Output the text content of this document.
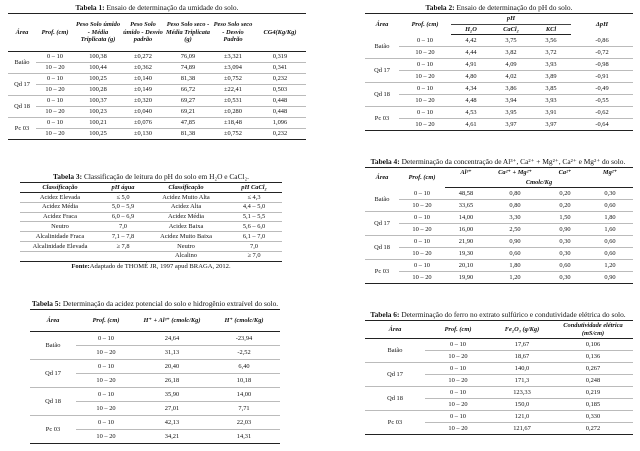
Tabela 1: Ensaio de determinação da umidade do solo.
Área	Prof. (cm)	Peso Solo úmido - Média Triplicata (g)	Peso Solo úmido - Desvio padrão	Peso Solo seco - Média Triplicata (g)	Peso Solo seco - Desvio Padrão	CG4(Kg/Kg)
Baião	0 – 10	100,38	±0,272	76,09	±3,321	0,319
	10 – 20	100,44	±0,362	74,89	±3,094	0,341
Qd 17	0 – 10	100,25	±0,140	81,38	±0,752	0,232
	10 – 20	100,28	±0,149	66,72	±22,41	0,503
Qd 18	0 – 10	100,37	±0,320	69,27	±0,531	0,448
	10 – 20	100,23	±0,040	69,21	±0,280	0,448
Pc 03	0 – 10	100,21	±0,076	47,85	±18,48	1,096
	10 – 20	100,25	±0,130	81,38	±0,752	0,232
Tabela 2: Ensaio de determinação do pH do solo.
Área	Prof. (cm)	pH			ΔpH
		H₂O	CaCl₂	KCl	
Baião	0 – 10	4,42	3,75	3,56	-0,86
	10 – 20	4,44	3,82	3,72	-0,72
Qd 17	0 – 10	4,91	4,09	3,93	-0,98
	10 – 20	4,80	4,02	3,89	-0,91
Qd 18	0 – 10	4,34	3,86	3,85	-0,49
	10 – 20	4,48	3,94	3,93	-0,55
Pc 03	0 – 10	4,53	3,95	3,91	-0,62
	10 – 20	4,61	3,97	3,97	-0,64
Tabela 3: Classificação de leitura do pH do solo em H₂O e CaCl₂.
Classificação	pH água	Classificação	pH CaCl₂
Acidez Elevada	≤ 5,0	Acidez Muito Alta	≤ 4,3
Acidez Média	5,0 – 5,9	Acidez Alta	4,4 – 5,0
Acidez Fraca	6,0 – 6,9	Acidez Média	5,1 – 5,5
Neutro	7,0	Acidez Baixa	5,6 – 6,0
Alcalinidade Fraca	7,1 – 7,8	Acidez Muito Baixa	6,1 – 7,0
Alcalinidade Elevada	≥ 7,8	Neutro	7,0
		Alcalino	≥ 7,0
Fonte:Adaptado de THOMÉ JR, 1997 apud BRAGA, 2012.
Tabela 4: Determinação da concentração de Al³⁺, Ca²⁺ + Mg²⁺, Ca²⁺ e Mg²⁺ do solo.
Área	Prof. (cm)	Al³⁺	Ca²⁺ + Mg²⁺	Ca²⁺	Mg²⁺
		Cmolc/Kg			
Baião	0 – 10	48,58	0,80	0,20	0,30
	10 – 20	33,65	0,80	0,20	0,60
Qd 17	0 – 10	14,00	3,30	1,50	1,80
	10 – 20	16,00	2,50	0,90	1,60
Qd 18	0 – 10	21,90	0,90	0,30	0,60
	10 – 20	19,30	0,60	0,30	0,60
Pc 03	0 – 10	20,10	1,80	0,60	1,20
	10 – 20	19,90	1,20	0,30	0,90
Tabela 5: Determinação da acidez potencial do solo e hidrogênio extraível do solo.
Área	Prof. (cm)	H⁺ + Al³⁺ (cmolc/Kg)	H⁺ (cmolc/Kg)
Baião	0 – 10	24,64	-23,94
	10 – 20	31,13	-2,52
Qd 17	0 – 10	20,40	6,40
	10 – 20	26,18	10,18
Qd 18	0 – 10	35,90	14,00
	10 – 20	27,01	7,71
Pc 03	0 – 10	42,13	22,03
	10 – 20	34,21	14,31
Tabela 6: Determinação do ferro no extrato sulfúrico e condutividade elétrica do solo.
Área	Prof. (cm)	Fe₂O₃ (g/Kg)	Condutividade elétrica (mS/cm)
Baião	0 – 10	17,67	0,106
	10 – 20	18,67	0,136
Qd 17	0 – 10	140,0	0,267
	10 – 20	171,3	0,248
Qd 18	0 – 10	123,33	0,219
	10 – 20	150,0	0,185
Pc 03	0 – 10	121,0	0,330
	10 – 20	121,67	0,272
